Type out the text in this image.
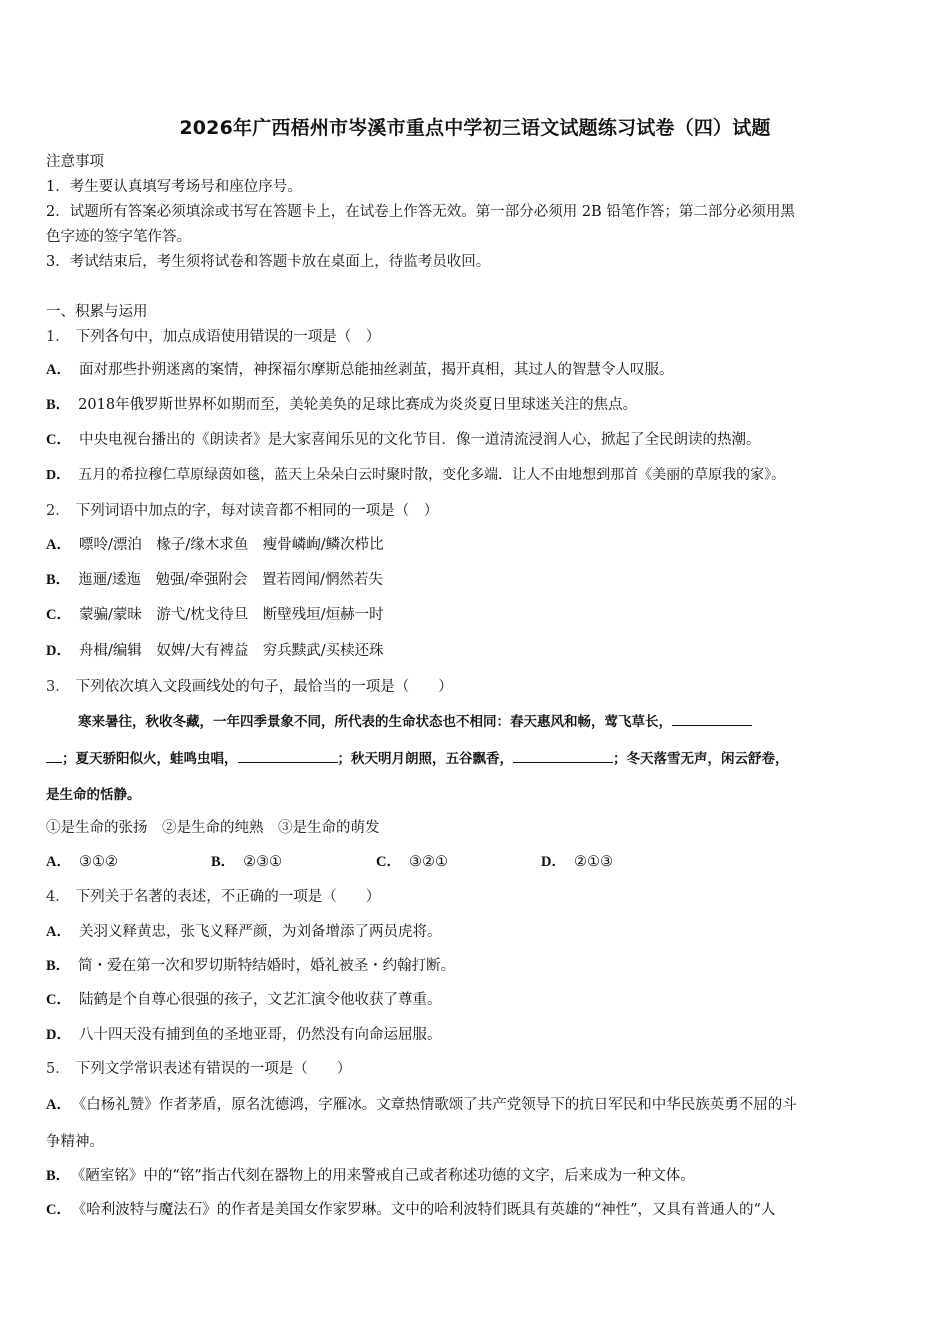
2026年广西梧州市岑溪市重点中学初三语文试题练习试卷（四）试题
注意事项
1．考生要认真填写考场号和座位序号。
2．试题所有答案必须填涂或书写在答题卡上，在试卷上作答无效。第一部分必须用 2B 铅笔作答；第二部分必须用黑
色字迹的签字笔作答。
3．考试结束后，考生须将试卷和答题卡放在桌面上，待监考员收回。
一、积累与运用
1． 下列各句中，加点成语使用错误的一项是（　）
A． 面对那些扑朔迷离的案情，神探福尔摩斯总能抽丝剥茧，揭开真相，其过人的智慧令人叹服。
B． 2018年俄罗斯世界杯如期而至，美轮美奂的足球比赛成为炎炎夏日里球迷关注的焦点。
C． 中央电视台播出的《朗读者》是大家喜闻乐见的文化节目．像一道清流浸润人心，掀起了全民朗读的热潮。
D． 五月的希拉穆仁草原绿茵如毯，蓝天上朵朵白云时聚时散，变化多端．让人不由地想到那首《美丽的草原我的家》。
2． 下列词语中加点的字，每对读音都不相同的一项是（　）
A． 嘌呤/漂泊　椽子/缘木求鱼　瘦骨嶙峋/鳞次栉比
B． 迤逦/逶迤　勉强/牵强附会　置若罔闻/惘然若失
C． 蒙骗/蒙昧　游弋/枕戈待旦　断壁残垣/烜赫一时
D． 舟楫/编辑　奴婢/大有裨益　穷兵黩武/买椟还珠
3． 下列依次填入文段画线处的句子，最恰当的一项是（　　）
寒来暑往，秋收冬藏，一年四季景象不同，所代表的生命状态也不相同：春天惠风和畅，莺飞草长，
；夏天骄阳似火，蛙鸣虫唱，	；秋天明月朗照，五谷飘香，	；冬天落雪无声，闲云舒卷，
是生命的恬静。
①是生命的张扬　②是生命的纯熟　③是生命的萌发
A． ③①②	B． ②③①	C． ③②①	D． ②①③
4． 下列关于名著的表述，不正确的一项是（　　）
A． 关羽义释黄忠，张飞义释严颜，为刘备增添了两员虎将。
B． 简・爱在第一次和罗切斯特结婚时，婚礼被圣・约翰打断。
C． 陆鹤是个自尊心很强的孩子，文艺汇演令他收获了尊重。
D． 八十四天没有捕到鱼的圣地亚哥，仍然没有向命运屈服。
5． 下列文学常识表述有错误的一项是（　　）
A． 《白杨礼赞》作者茅盾，原名沈德鸿，字雁冰。文章热情歌颂了共产党领导下的抗日军民和中华民族英勇不屈的斗
争精神。
B． 《陋室铭》中的“铭”指古代刻在器物上的用来警戒自己或者称述功德的文字，后来成为一种文体。
C． 《哈利波特与魔法石》的作者是美国女作家罗琳。文中的哈利波特们既具有英雄的“神性”，又具有普通人的“人
